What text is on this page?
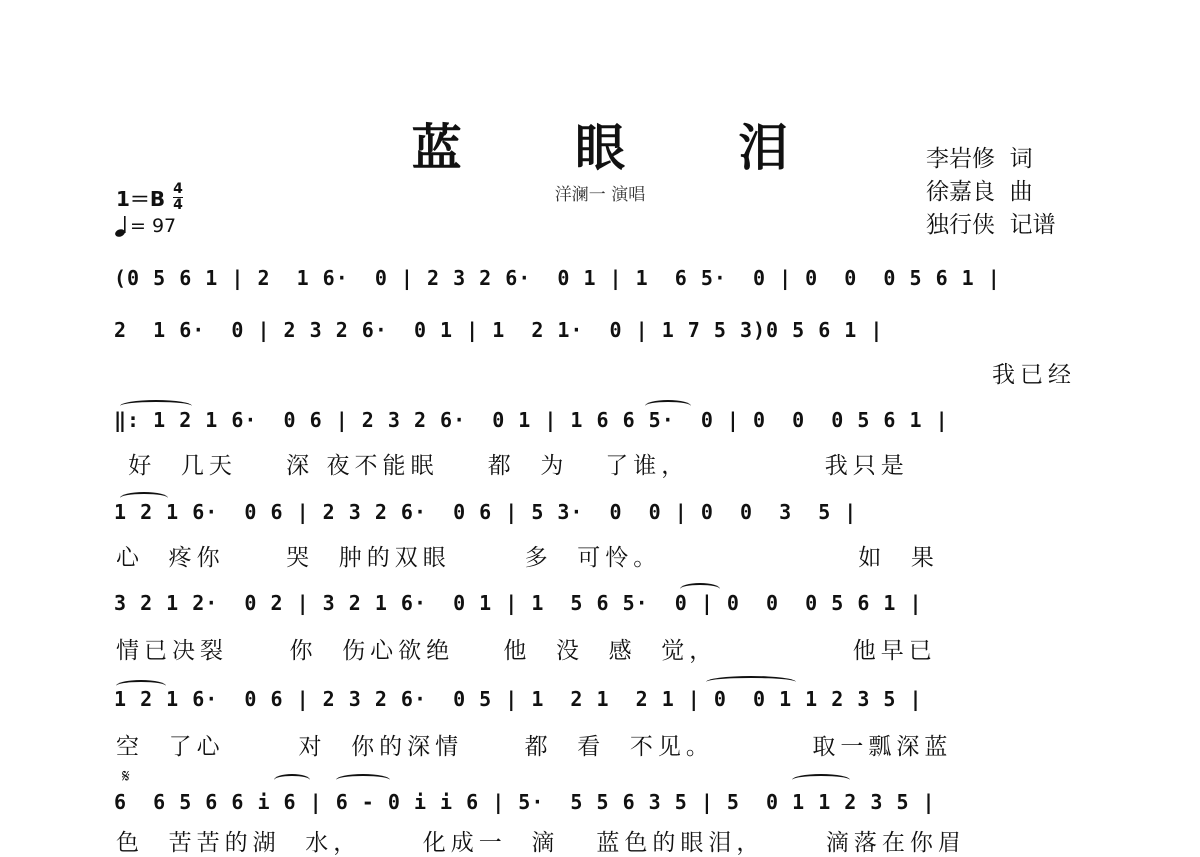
蓝 眼 泪
洋澜一 演唱
李岩修  词
徐嘉良  曲
独行侠  记谱
1＝B 4
4
= 97
(0 5 6 1 | 2  1 6·  0 | 2 3 2 6·  0 1 | 1  6 5·  0 | 0  0  0 5 6 1 |
2  1 6·  0 | 2 3 2 6·  0 1 | 1  2 1·  0 | 1 7 5 3)0 5 6 1 |
我已经
‖: 1 2 1 6·  0 6 | 2 3 2 6·  0 1 | 1 6 6 5·  0 | 0  0  0 5 6 1 |
好  几天    深 夜不能眠    都  为   了谁，           我只是
1 2 1 6·  0 6 | 2 3 2 6·  0 6 | 5 3·  0  0 | 0  0  3  5 |
心  疼你     哭  肿的双眼      多  可怜。                如  果
3 2 1 2·  0 2 | 3 2 1 6·  0 1 | 1  5 6 5·  0 | 0  0  0 5 6 1 |
情已决裂     你  伤心欲绝    他  没  感  觉，           他早已
1 2 1 6·  0 6 | 2 3 2 6·  0 5 | 1  2 1  2 1 | 0  0 1 1 2 3 5 |
空  了心      对  你的深情     都  看  不见。        取一瓢深蓝
𝄋
6  6 5 6 6 i 6 | 6 - 0 i i 6 | 5·  5 5 6 3 5 | 5  0 1 1 2 3 5 |
色  苦苦的湖  水，     化成一  滴   蓝色的眼泪，     滴落在你眉
